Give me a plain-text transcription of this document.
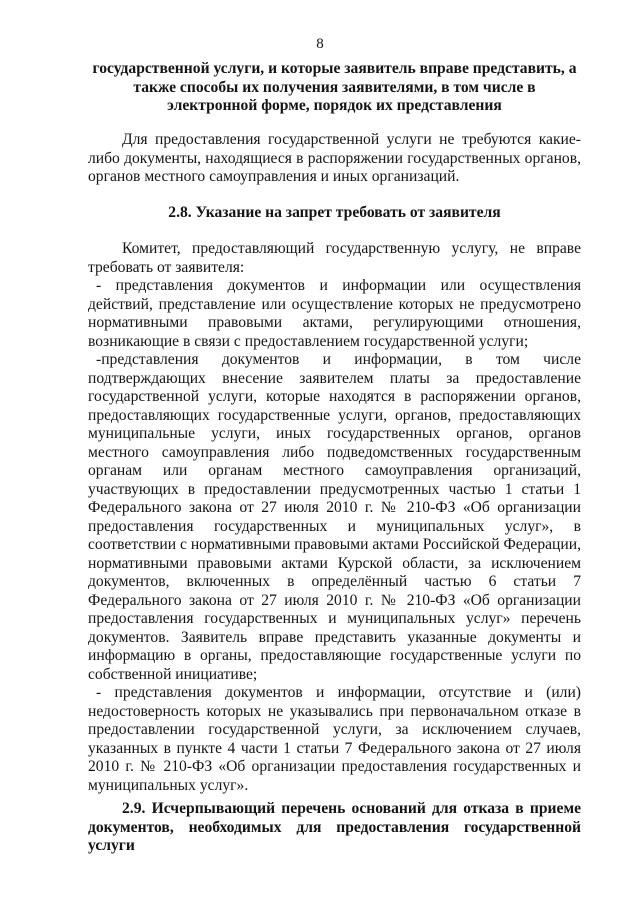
8

государственной услуги, и которые заявитель вправе представить, а также способы их получения заявителями, в том числе в электронной форме, порядок их представления

Для предоставления государственной услуги не требуются какие-либо документы, находящиеся в распоряжении государственных органов, органов местного самоуправления и иных организаций.

2.8. Указание на запрет требовать от заявителя

Комитет, предоставляющий государственную услугу, не вправе требовать от заявителя:

- представления документов и информации или осуществления действий, представление или осуществление которых не предусмотрено нормативными правовыми актами, регулирующими отношения, возникающие в связи с предоставлением государственной услуги;

-представления документов и информации, в том числе подтверждающих внесение заявителем платы за предоставление государственной услуги, которые находятся в распоряжении органов, предоставляющих государственные услуги, органов, предоставляющих муниципальные услуги, иных государственных органов, органов местного самоуправления либо подведомственных государственным органам или органам местного самоуправления организаций, участвующих в предоставлении предусмотренных частью 1 статьи 1 Федерального закона от 27 июля 2010 г. № 210-ФЗ «Об организации предоставления государственных и муниципальных услуг», в соответствии с нормативными правовыми актами Российской Федерации, нормативными правовыми актами Курской области, за исключением документов, включенных в определённый частью 6 статьи 7 Федерального закона от 27 июля 2010 г. № 210-ФЗ «Об организации предоставления государственных и муниципальных услуг» перечень документов. Заявитель вправе представить указанные документы и информацию в органы, предоставляющие государственные услуги по собственной инициативе;

- представления документов и информации, отсутствие и (или) недостоверность которых не указывались при первоначальном отказе в предоставлении государственной услуги, за исключением случаев, указанных в пункте 4 части 1 статьи 7 Федерального закона от 27 июля 2010 г. № 210-ФЗ «Об организации предоставления государственных и муниципальных услуг».

2.9. Исчерпывающий перечень оснований для отказа в приеме документов, необходимых для предоставления государственной услуги
